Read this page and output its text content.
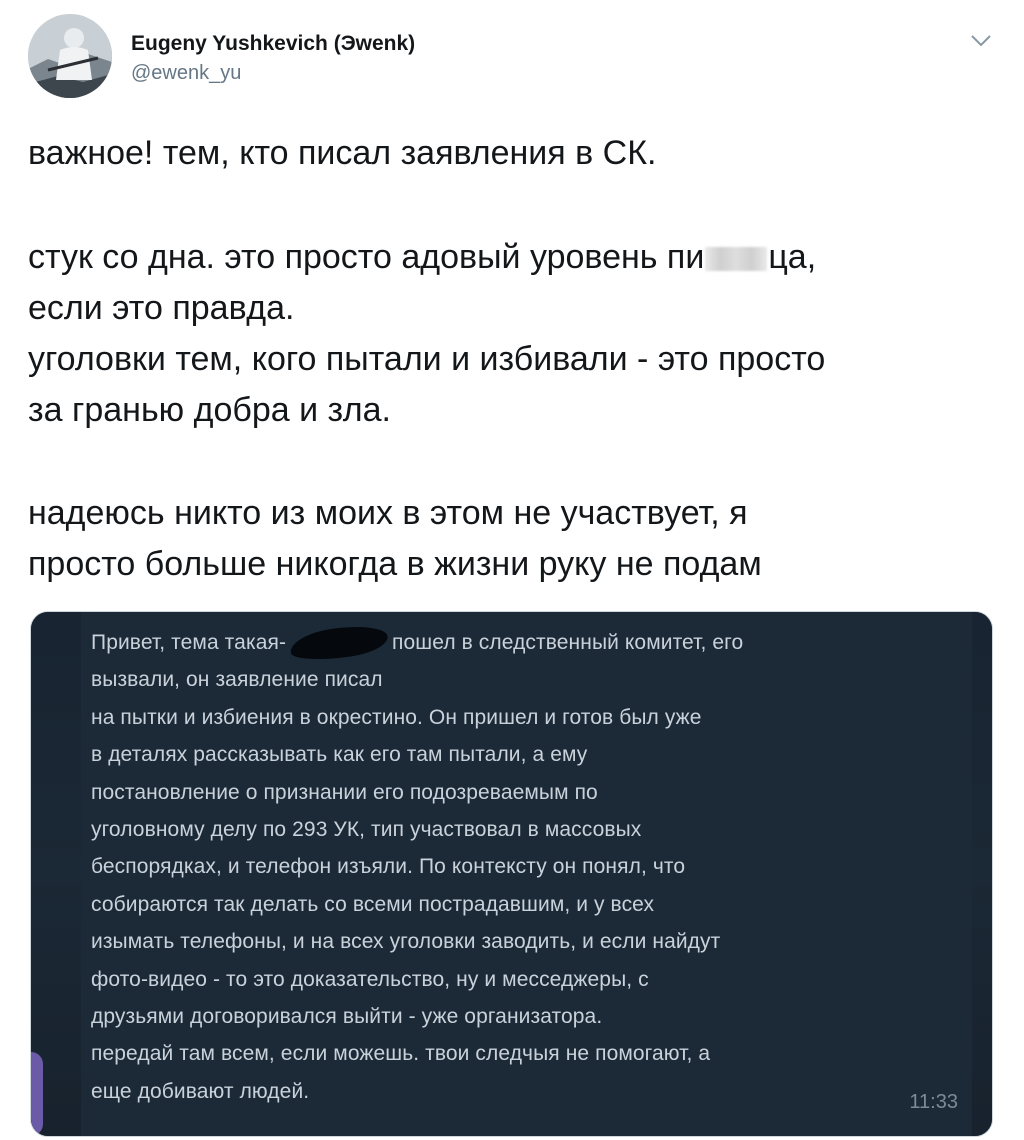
Eugeny Yushkevich (Эwenk)
@ewenk_yu

важное! тем, кто писал заявления в СК.

стук со дна. это просто адовый уровень пи ца,

если это правда.

уголовки тем, кого пытали и избивали - это просто

за гранью добра и зла.

надеюсь никто из моих в этом не участвует, я

просто больше никогда в жизни руку не подам

Привет, тема такая-	пошел в следственный комитет, его

вызвали, он заявление писал

на пытки и избиения в окрестино. Он пришел и готов был уже

в деталях рассказывать как его там пытали, а ему

постановление о признании его подозреваемым по

уголовному делу по 293 УК, тип участвовал в массовых

беспорядках, и телефон изъяли. По контексту он понял, что

собираются так делать со всеми пострадавшим, и у всех

изымать телефоны, и на всех уголовки заводить, и если найдут

фото-видео - то это доказательство, ну и месседжеры, с

друзьями договоривался выйти - уже организатора.

передай там всем, если можешь. твои следчыя не помогают, а

еще добивают людей.	11:33
